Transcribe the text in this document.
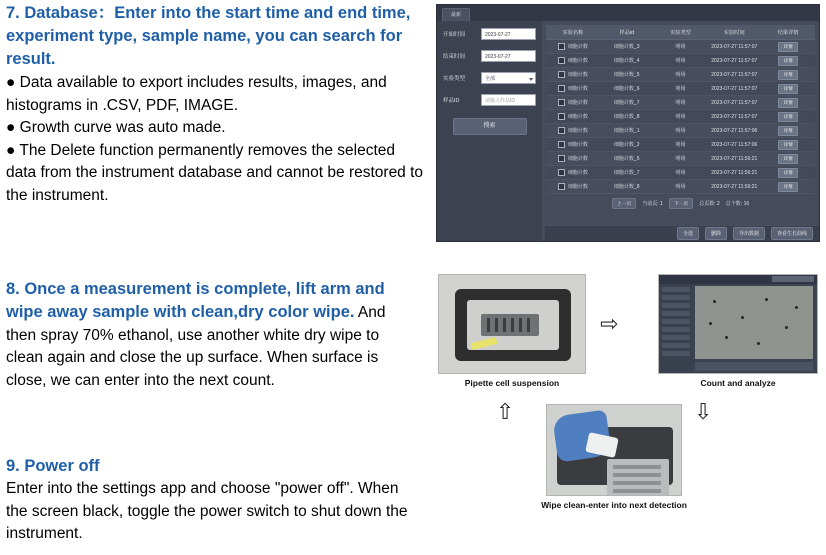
7. Database：Enter into the start time and end time, experiment type, sample name, you can search for result.

● Data available to export includes results, images, and histograms in .CSV, PDF, IMAGE.
● Growth curve was auto made.
● The Delete function permanently removes the selected data from the instrument database and cannot be restored to the instrument.

8. Once a measurement is complete, lift arm and wipe away sample with clean,dry color wipe. And then spray 70% ethanol, use another white dry wipe to clean again and close the up surface. When surface is close, we can enter into the next count.

9. Power off

Enter into the settings app and choose "power off". When the screen black, toggle the power switch to shut down the instrument.

最新
开始时间	2023-07-27
结束时间	2023-07-27
实验类型	全部
样品ID	请输入样品ID
搜索
实验名称	样品id	实验类型	实验时间	结果详情
细胞计数	细胞计数_3	明场	2023-07-27 11:57:07	详情
细胞计数	细胞计数_4	明场	2023-07-27 11:57:07	详情
细胞计数	细胞计数_5	明场	2023-07-27 11:57:07	详情
细胞计数	细胞计数_6	明场	2023-07-27 11:57:07	详情
细胞计数	细胞计数_7	明场	2023-07-27 11:57:07	详情
细胞计数	细胞计数_8	明场	2023-07-27 11:57:07	详情
细胞计数	细胞计数_1	明场	2023-07-27 11:57:06	详情
细胞计数	细胞计数_2	明场	2023-07-27 11:57:06	详情
细胞计数	细胞计数_5	明场	2023-07-27 11:56:21	详情
细胞计数	细胞计数_7	明场	2023-07-27 11:56:21	详情
细胞计数	细胞计数_8	明场	2023-07-27 11:56:21	详情
上一页	当前页: 1	下一页	总页数: 2 总个数: 16
全选	删除	导出数据	查看生长曲线
Pipette cell suspension
⇨
Count and analyze
⇩
⇧
Wipe clean-enter into next detection
